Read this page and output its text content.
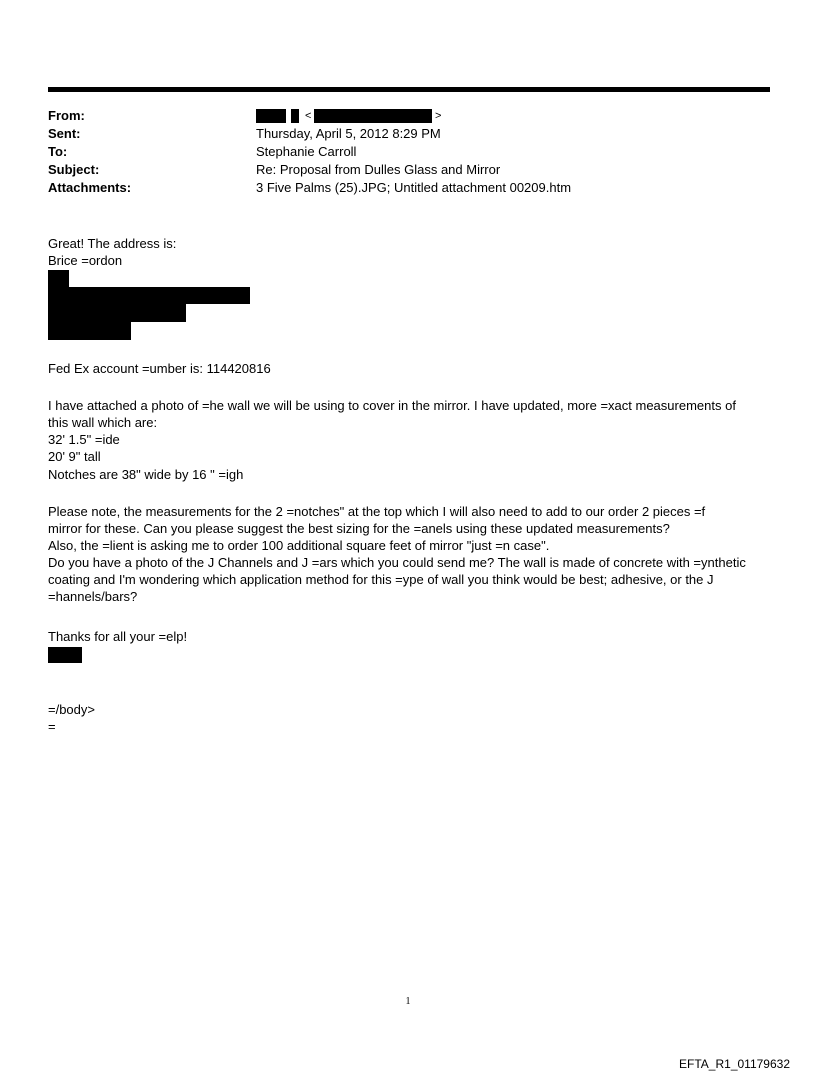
From:
Sent:
To:
Subject:
Attachments:
<	>
Thursday, April 5, 2012 8:29 PM
Stephanie Carroll
Re: Proposal from Dulles Glass and Mirror
3 Five Palms (25).JPG; Untitled attachment 00209.htm
Great! The address is:
Brice =ordon
Fed Ex account =umber is: 114420816
I have attached a photo of =he wall we will be using to cover in the mirror. I have updated, more =xact measurements of
this wall which are:
32' 1.5" =ide
20' 9" tall
Notches are 38" wide by 16 " =igh
Please note, the measurements for the 2 =notches" at the top which I will also need to add to our order 2 pieces =f
mirror for these. Can you please suggest the best sizing for the =anels using these updated measurements?
Also, the =lient is asking me to order 100 additional square feet of mirror "just =n case".
Do you have a photo of the J Channels and J =ars which you could send me? The wall is made of concrete with =ynthetic
coating and I'm wondering which application method for this =ype of wall you think would be best; adhesive, or the J
=hannels/bars?
Thanks for all your =elp!
=/body>
=
1
EFTA_R1_01179632
